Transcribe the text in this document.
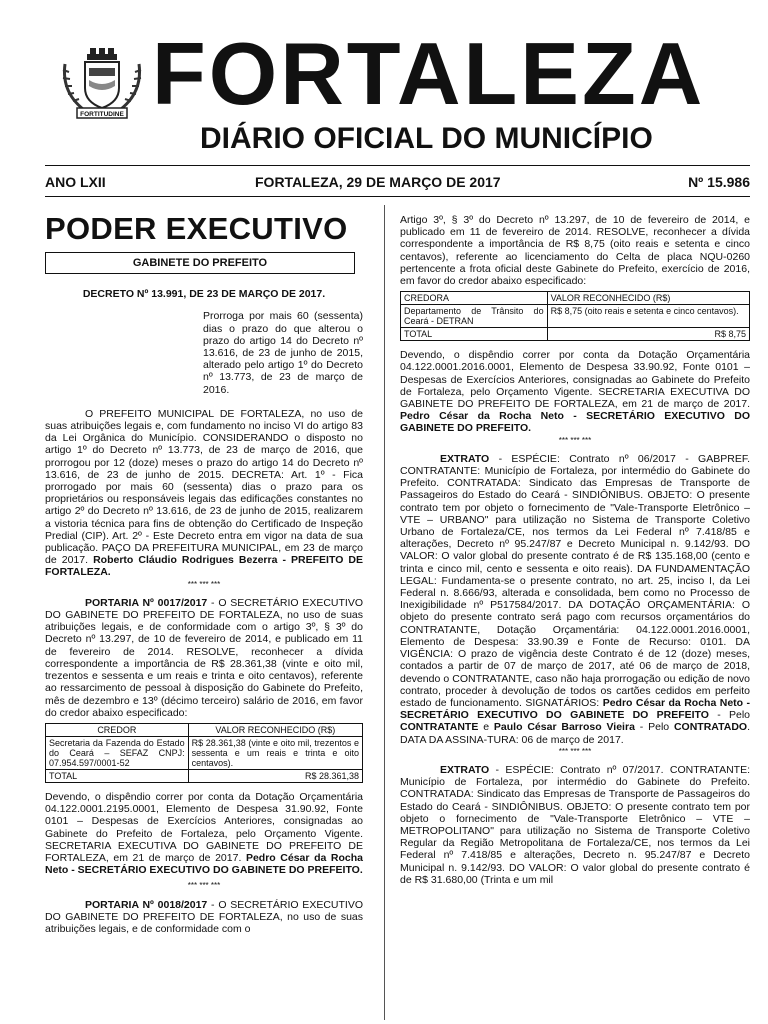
FORTITUDINE FORTALEZA
DIÁRIO OFICIAL DO MUNICÍPIO
ANO LXII	FORTALEZA, 29 DE MARÇO DE 2017	Nº 15.986
PODER EXECUTIVO
GABINETE DO PREFEITO
DECRETO Nº 13.991, DE 23 DE MARÇO DE 2017.
Prorroga por mais 60 (sessenta) dias o prazo do que alterou o prazo do artigo 14 do Decreto nº 13.616, de 23 de junho de 2015, alterado pelo artigo 1º do Decreto nº 13.773, de 23 de março de 2016.

O PREFEITO MUNICIPAL DE FORTALEZA, no uso de suas atribuições legais e, com fundamento no inciso VI do artigo 83 da Lei Orgânica do Município. CONSIDERANDO o disposto no artigo 1º do Decreto nº 13.773, de 23 de março de 2016, que prorrogou por 12 (doze) meses o prazo do artigo 14 do Decreto nº 13.616, de 23 de junho de 2015. DECRETA: Art. 1º - Fica prorrogado por mais 60 (sessenta) dias o prazo para os proprietários ou responsáveis legais das edificações constantes no artigo 2º do Decreto nº 13.616, de 23 de junho de 2015, realizarem a vistoria técnica para fins de obtenção do Certificado de Inspeção Predial (CIP). Art. 2º - Este Decreto entra em vigor na data de sua publicação. PAÇO DA PREFEITURA MUNICIPAL, em 23 de março de 2017. Roberto Cláudio Rodrigues Bezerra - PREFEITO DE FORTALEZA.

*** *** ***

PORTARIA Nº 0017/2017 - O SECRETÁRIO EXECUTIVO DO GABINETE DO PREFEITO DE FORTALEZA, no uso de suas atribuições legais, e de conformidade com o artigo 3º, § 3º do Decreto nº 13.297, de 10 de fevereiro de 2014, e publicado em 11 de fevereiro de 2014. RESOLVE, reconhecer a dívida correspondente a importância de R$ 28.361,38 (vinte e oito mil, trezentos e sessenta e um reais e trinta e oito centavos), referente ao ressarcimento de pessoal à disposição do Gabinete do Prefeito, mês de dezembro e 13º (décimo terceiro) salário de 2016, em favor do credor abaixo especificado:

CREDOR	VALOR RECONHECIDO (R$)
Secretaria da Fazenda do Estado do Ceará – SEFAZ CNPJ: 07.954.597/0001-52	R$ 28.361,38 (vinte e oito mil, trezentos e sessenta e um reais e trinta e oito centavos).
TOTAL	R$ 28.361,38

Devendo, o dispêndio correr por conta da Dotação Orçamentária 04.122.0001.2195.0001, Elemento de Despesa 31.90.92, Fonte 0101 – Despesas de Exercícios Anteriores, consignadas ao Gabinete do Prefeito de Fortaleza, pelo Orçamento Vigente. SECRETARIA EXECUTIVA DO GABINETE DO PREFEITO DE FORTALEZA, em 21 de março de 2017. Pedro César da Rocha Neto - SECRETÁRIO EXECUTIVO DO GABINETE DO PREFEITO.

*** *** ***

PORTARIA Nº 0018/2017 - O SECRETÁRIO EXECUTIVO DO GABINETE DO PREFEITO DE FORTALEZA, no uso de suas atribuições legais, e de conformidade com o

Artigo 3º, § 3º do Decreto nº 13.297, de 10 de fevereiro de 2014, e publicado em 11 de fevereiro de 2014. RESOLVE, reconhecer a dívida correspondente a importância de R$ 8,75 (oito reais e setenta e cinco centavos), referente ao licenciamento do Celta de placa NQU-0260 pertencente a frota oficial deste Gabinete do Prefeito, exercício de 2016, em favor do credor abaixo especificado:

CREDORA	VALOR RECONHECIDO (R$)
Departamento de Trânsito do Ceará - DETRAN	R$ 8,75 (oito reais e setenta e cinco centavos).
TOTAL	R$ 8,75

Devendo, o dispêndio correr por conta da Dotação Orçamentária 04.122.0001.2016.0001, Elemento de Despesa 33.90.92, Fonte 0101 – Despesas de Exercícios Anteriores, consignadas ao Gabinete do Prefeito de Fortaleza, pelo Orçamento Vigente. SECRETARIA EXECUTIVA DO GABINETE DO PREFEITO DE FORTALEZA, em 21 de março de 2017. Pedro César da Rocha Neto - SECRETÁRIO EXECUTIVO DO GABINETE DO PREFEITO.

*** *** ***

EXTRATO - ESPÉCIE: Contrato nº 06/2017 - GABPREF. CONTRATANTE: Município de Fortaleza, por intermédio do Gabinete do Prefeito. CONTRATADA: Sindicato das Empresas de Transporte de Passageiros do Estado do Ceará - SINDIÔNIBUS. OBJETO: O presente contrato tem por objeto o fornecimento de "Vale-Transporte Eletrônico – VTE – URBANO" para utilização no Sistema de Transporte Coletivo Urbano de Fortaleza/CE, nos termos da Lei Federal nº 7.418/85 e alterações, Decreto nº 95.247/87 e Decreto Municipal n. 9.142/93. DO VALOR: O valor global do presente contrato é de R$ 135.168,00 (cento e trinta e cinco mil, cento e sessenta e oito reais). DA FUNDAMENTAÇÃO LEGAL: Fundamenta-se o presente contrato, no art. 25, inciso I, da Lei Federal n. 8.666/93, alterada e consolidada, bem como no Processo de Inexigibilidade nº P517584/2017. DA DOTAÇÃO ORÇAMENTÁRIA: O objeto do presente contrato será pago com recursos orçamentários do CONTRATANTE, Dotação Orçamentária: 04.122.0001.2016.0001, Elemento de Despesa: 33.90.39 e Fonte de Recurso: 0101. DA VIGÊNCIA: O prazo de vigência deste Contrato é de 12 (doze) meses, contados a partir de 07 de março de 2017, até 06 de março de 2018, devendo o CONTRATANTE, caso não haja prorrogação ou edição de novo contrato, proceder à devolução de todos os cartões cedidos em perfeito estado de funcionamento. SIGNATÁRIOS: Pedro César da Rocha Neto - SECRETÁRIO EXECUTIVO DO GABINETE DO PREFEITO - Pelo CONTRATANTE e Paulo César Barroso Vieira - Pelo CONTRATADO. DATA DA ASSINA-TURA: 06 de março de 2017.

*** *** ***

EXTRATO - ESPÉCIE: Contrato nº 07/2017. CONTRATANTE: Município de Fortaleza, por intermédio do Gabinete do Prefeito. CONTRATADA: Sindicato das Empresas de Transporte de Passageiros do Estado do Ceará - SINDIÔNIBUS. OBJETO: O presente contrato tem por objeto o fornecimento de "Vale-Transporte Eletrônico – VTE – METROPOLITANO" para utilização no Sistema de Transporte Coletivo Regular da Região Metropolitana de Fortaleza/CE, nos termos da Lei Federal nº 7.418/85 e alterações, Decreto n. 95.247/87 e Decreto Municipal n. 9.142/93. DO VALOR: O valor global do presente contrato é de R$ 31.680,00 (Trinta e um mil
